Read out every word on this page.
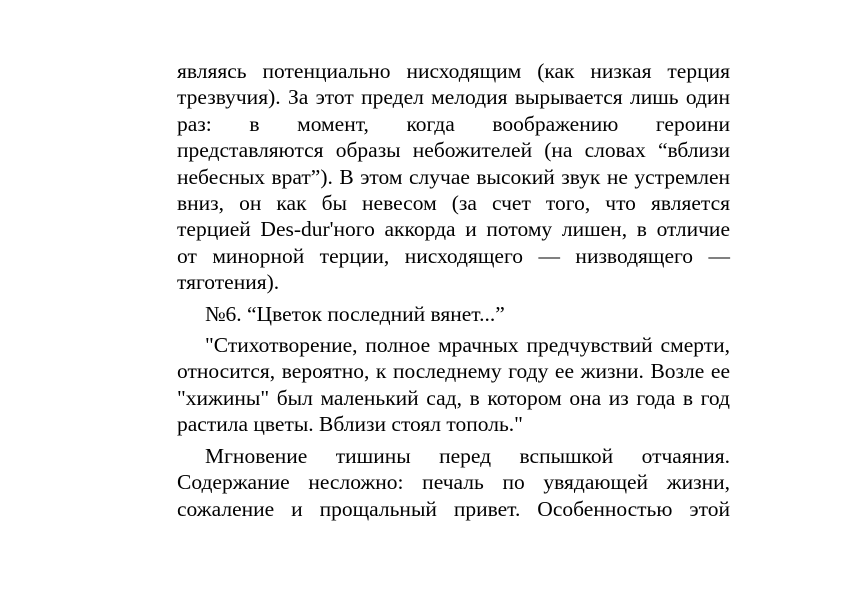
являясь потенциально нисходящим (как низкая терция
трезвучия). За этот предел мелодия вырывается лишь один
раз: в момент, когда воображению героини
представляются образы небожителей (на словах “вблизи
небесных врат”). В этом случае высокий звук не устремлен
вниз, он как бы невесом (за счет того, что является
терцией Des-dur'ного аккорда и потому лишен, в отличие
от минорной терции, нисходящего — низводящего —
тяготения).

№6. “Цветок последний вянет...”

"Стихотворение, полное мрачных предчувствий смерти,
относится, вероятно, к последнему году ее жизни. Возле ее
"хижины" был маленький сад, в котором она из года в год
растила цветы. Вблизи стоял тополь."

Мгновение тишины перед вспышкой отчаяния.
Содержание несложно: печаль по увядающей жизни,
сожаление и прощальный привет. Особенностью этой
